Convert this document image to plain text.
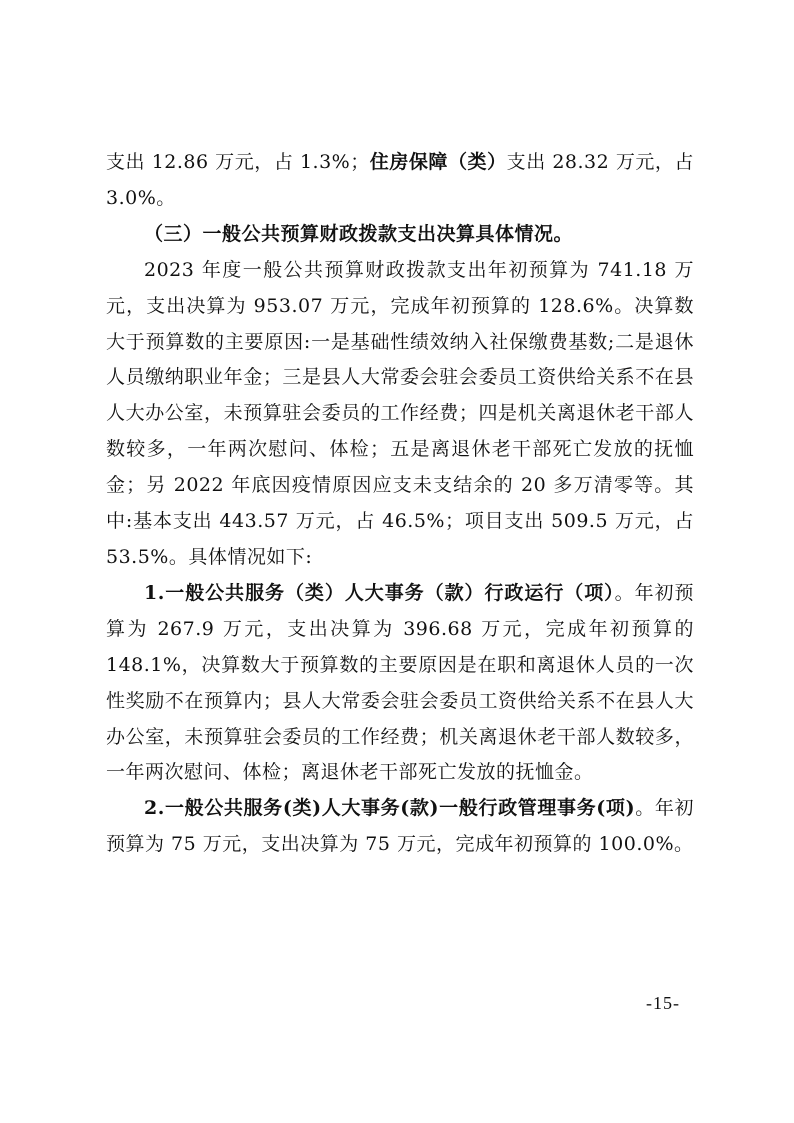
支出 12.86 万元，占 1.3%；住房保障（类）支出 28.32 万元，占 3.0%。

（三）一般公共预算财政拨款支出决算具体情况。

2023 年度一般公共预算财政拨款支出年初预算为 741.18 万元，支出决算为 953.07 万元，完成年初预算的 128.6%。决算数大于预算数的主要原因:一是基础性绩效纳入社保缴费基数;二是退休人员缴纳职业年金；三是县人大常委会驻会委员工资供给关系不在县人大办公室，未预算驻会委员的工作经费；四是机关离退休老干部人数较多，一年两次慰问、体检；五是离退休老干部死亡发放的抚恤金；另 2022 年底因疫情原因应支未支结余的 20 多万清零等。其中:基本支出 443.57 万元，占 46.5%；项目支出 509.5 万元，占 53.5%。具体情况如下:

1.一般公共服务（类）人大事务（款）行政运行（项）。年初预算为 267.9 万元，支出决算为 396.68 万元，完成年初预算的 148.1%，决算数大于预算数的主要原因是在职和离退休人员的一次性奖励不在预算内；县人大常委会驻会委员工资供给关系不在县人大办公室，未预算驻会委员的工作经费；机关离退休老干部人数较多，一年两次慰问、体检；离退休老干部死亡发放的抚恤金。

2.一般公共服务(类)人大事务(款)一般行政管理事务(项)。年初预算为 75 万元，支出决算为 75 万元，完成年初预算的 100.0%。

-15-
